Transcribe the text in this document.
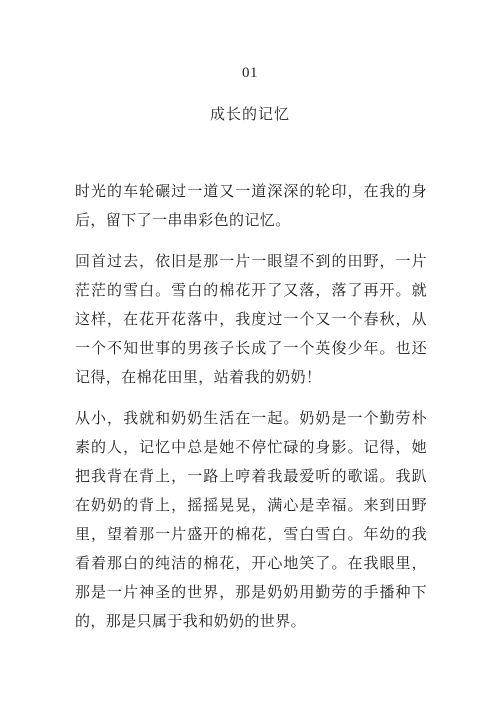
01
成长的记忆

时光的车轮碾过一道又一道深深的轮印，在我的身后，留下了一串串彩色的记忆。

回首过去，依旧是那一片一眼望不到的田野，一片茫茫的雪白。雪白的棉花开了又落，落了再开。就这样，在花开花落中，我度过一个又一个春秋，从一个不知世事的男孩子长成了一个英俊少年。也还记得，在棉花田里，站着我的奶奶！

从小，我就和奶奶生活在一起。奶奶是一个勤劳朴素的人，记忆中总是她不停忙碌的身影。记得，她把我背在背上，一路上哼着我最爱听的歌谣。我趴在奶奶的背上，摇摇晃晃，满心是幸福。来到田野里，望着那一片盛开的棉花，雪白雪白。年幼的我看着那白的纯洁的棉花，开心地笑了。在我眼里，那是一片神圣的世界，那是奶奶用勤劳的手播种下的，那是只属于我和奶奶的世界。
